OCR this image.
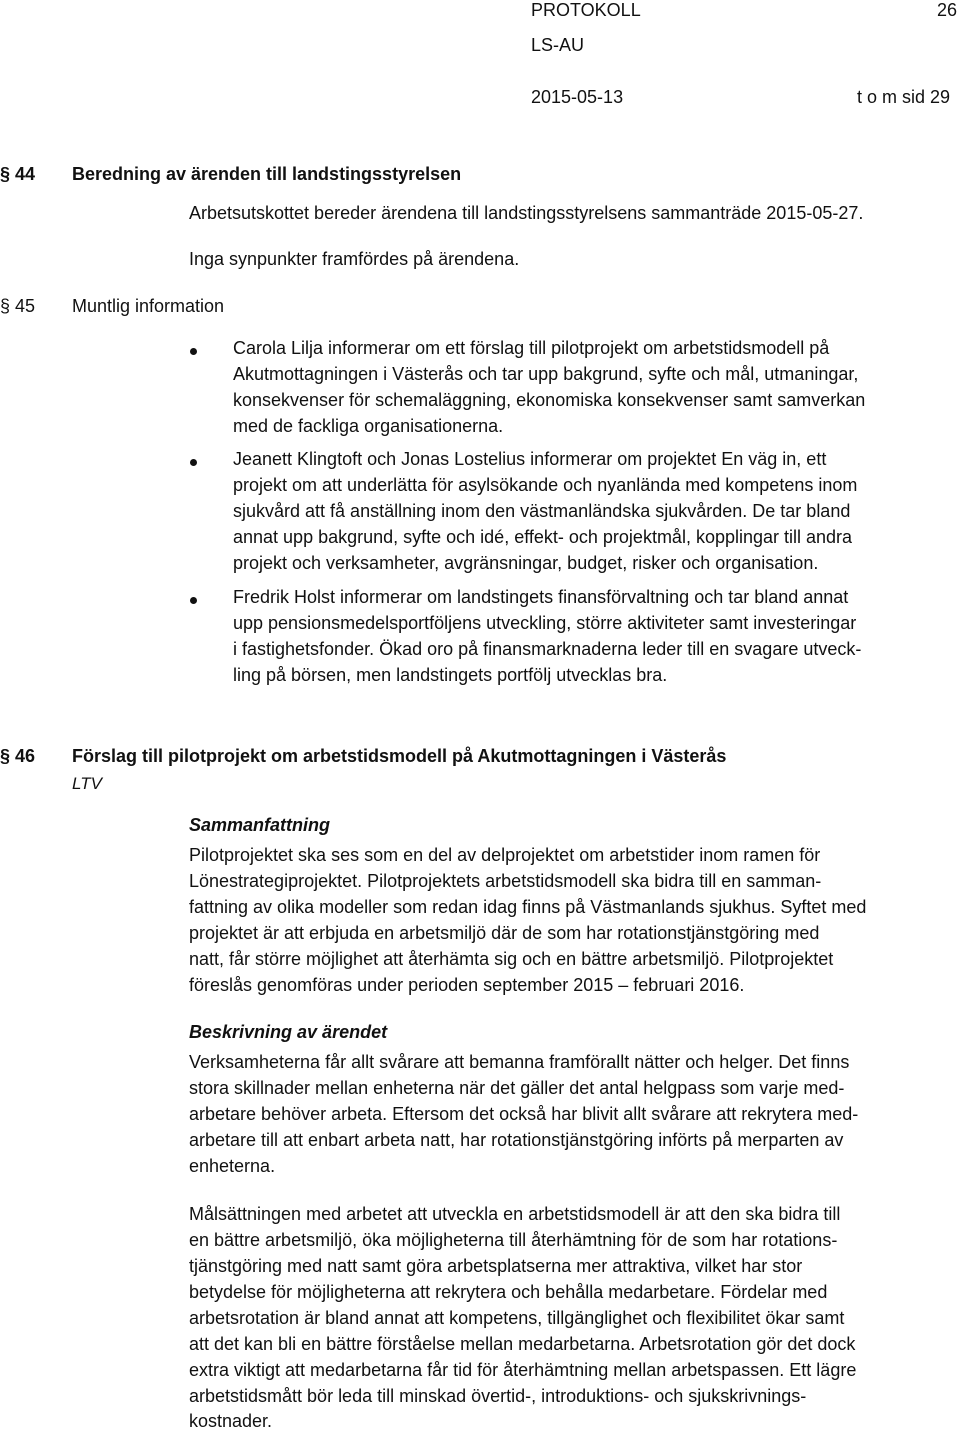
PROTOKOLL	26
LS-AU
2015-05-13	t o m sid 29
§ 44 Beredning av ärenden till landstingsstyrelsen
Arbetsutskottet bereder ärendena till landstingsstyrelsens sammanträde 2015-05-27.
Inga synpunkter framfördes på ärendena.
§ 45 Muntlig information
Carola Lilja informerar om ett förslag till pilotprojekt om arbetstidsmodell på
Akutmottagningen i Västerås och tar upp bakgrund, syfte och mål, utmaningar,
konsekvenser för schemaläggning, ekonomiska konsekvenser samt samverkan
med de fackliga organisationerna.
Jeanett Klingtoft och Jonas Lostelius informerar om projektet En väg in, ett
projekt om att underlätta för asylsökande och nyanlända med kompetens inom
sjukvård att få anställning inom den västmanländska sjukvården. De tar bland
annat upp bakgrund, syfte och idé, effekt- och projektmål, kopplingar till andra
projekt och verksamheter, avgränsningar, budget, risker och organisation.
Fredrik Holst informerar om landstingets finansförvaltning och tar bland annat
upp pensionsmedelsportföljens utveckling, större aktiviteter samt investeringar
i fastighetsfonder. Ökad oro på finansmarknaderna leder till en svagare utveck-
ling på börsen, men landstingets portfölj utvecklas bra.
§ 46 Förslag till pilotprojekt om arbetstidsmodell på Akutmottagningen i Västerås
LTV
Sammanfattning
Pilotprojektet ska ses som en del av delprojektet om arbetstider inom ramen för
Lönestrategiprojektet. Pilotprojektets arbetstidsmodell ska bidra till en samman-
fattning av olika modeller som redan idag finns på Västmanlands sjukhus. Syftet med
projektet är att erbjuda en arbetsmiljö där de som har rotationstjänstgöring med
natt, får större möjlighet att återhämta sig och en bättre arbetsmiljö. Pilotprojektet
föreslås genomföras under perioden september 2015 – februari 2016.
Beskrivning av ärendet
Verksamheterna får allt svårare att bemanna framförallt nätter och helger. Det finns
stora skillnader mellan enheterna när det gäller det antal helgpass som varje med-
arbetare behöver arbeta. Eftersom det också har blivit allt svårare att rekrytera med-
arbetare till att enbart arbeta natt, har rotationstjänstgöring införts på merparten av
enheterna.
Målsättningen med arbetet att utveckla en arbetstidsmodell är att den ska bidra till
en bättre arbetsmiljö, öka möjligheterna till återhämtning för de som har rotations-
tjänstgöring med natt samt göra arbetsplatserna mer attraktiva, vilket har stor
betydelse för möjligheterna att rekrytera och behålla medarbetare. Fördelar med
arbetsrotation är bland annat att kompetens, tillgänglighet och flexibilitet ökar samt
att det kan bli en bättre förståelse mellan medarbetarna. Arbetsrotation gör det dock
extra viktigt att medarbetarna får tid för återhämtning mellan arbetspassen. Ett lägre
arbetstidsmått bör leda till minskad övertid-, introduktions- och sjukskrivnings-
kostnader.
